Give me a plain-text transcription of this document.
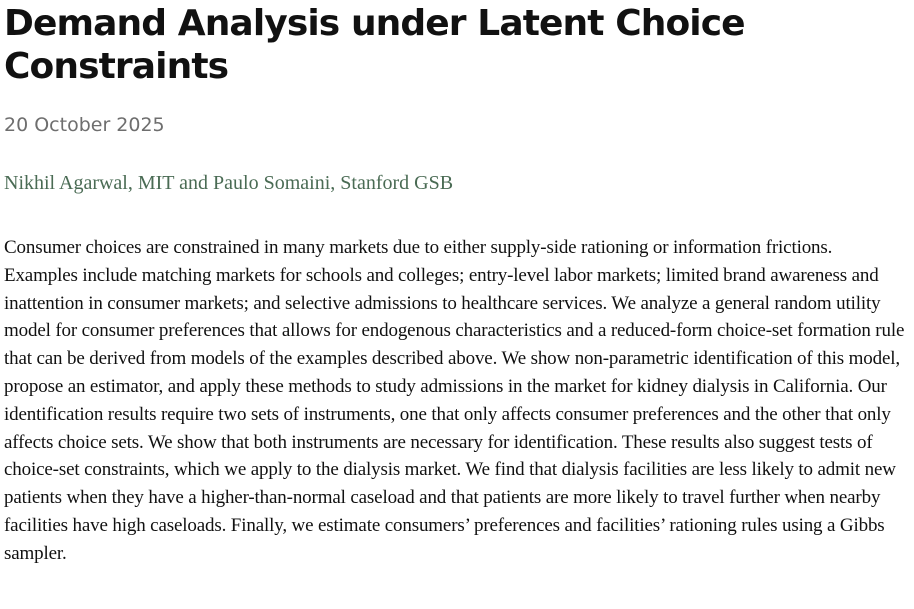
Demand Analysis under Latent Choice Constraints
20 October 2025
Nikhil Agarwal, MIT and Paulo Somaini, Stanford GSB

Consumer choices are constrained in many markets due to either supply-side rationing or information frictions. Examples include matching markets for schools and colleges; entry-level labor markets; limited brand awareness and inattention in consumer markets; and selective admissions to healthcare services. We analyze a general random utility model for consumer preferences that allows for endogenous characteristics and a reduced-form choice-set formation rule that can be derived from models of the examples described above. We show non-parametric identification of this model, propose an estimator, and apply these methods to study admissions in the market for kidney dialysis in California. Our identification results require two sets of instruments, one that only affects consumer preferences and the other that only affects choice sets. We show that both instruments are necessary for identification. These results also suggest tests of choice-set constraints, which we apply to the dialysis market. We find that dialysis facilities are less likely to admit new patients when they have a higher-than-normal caseload and that patients are more likely to travel further when nearby facilities have high caseloads. Finally, we estimate consumers’ preferences and facilities’ rationing rules using a Gibbs sampler.
